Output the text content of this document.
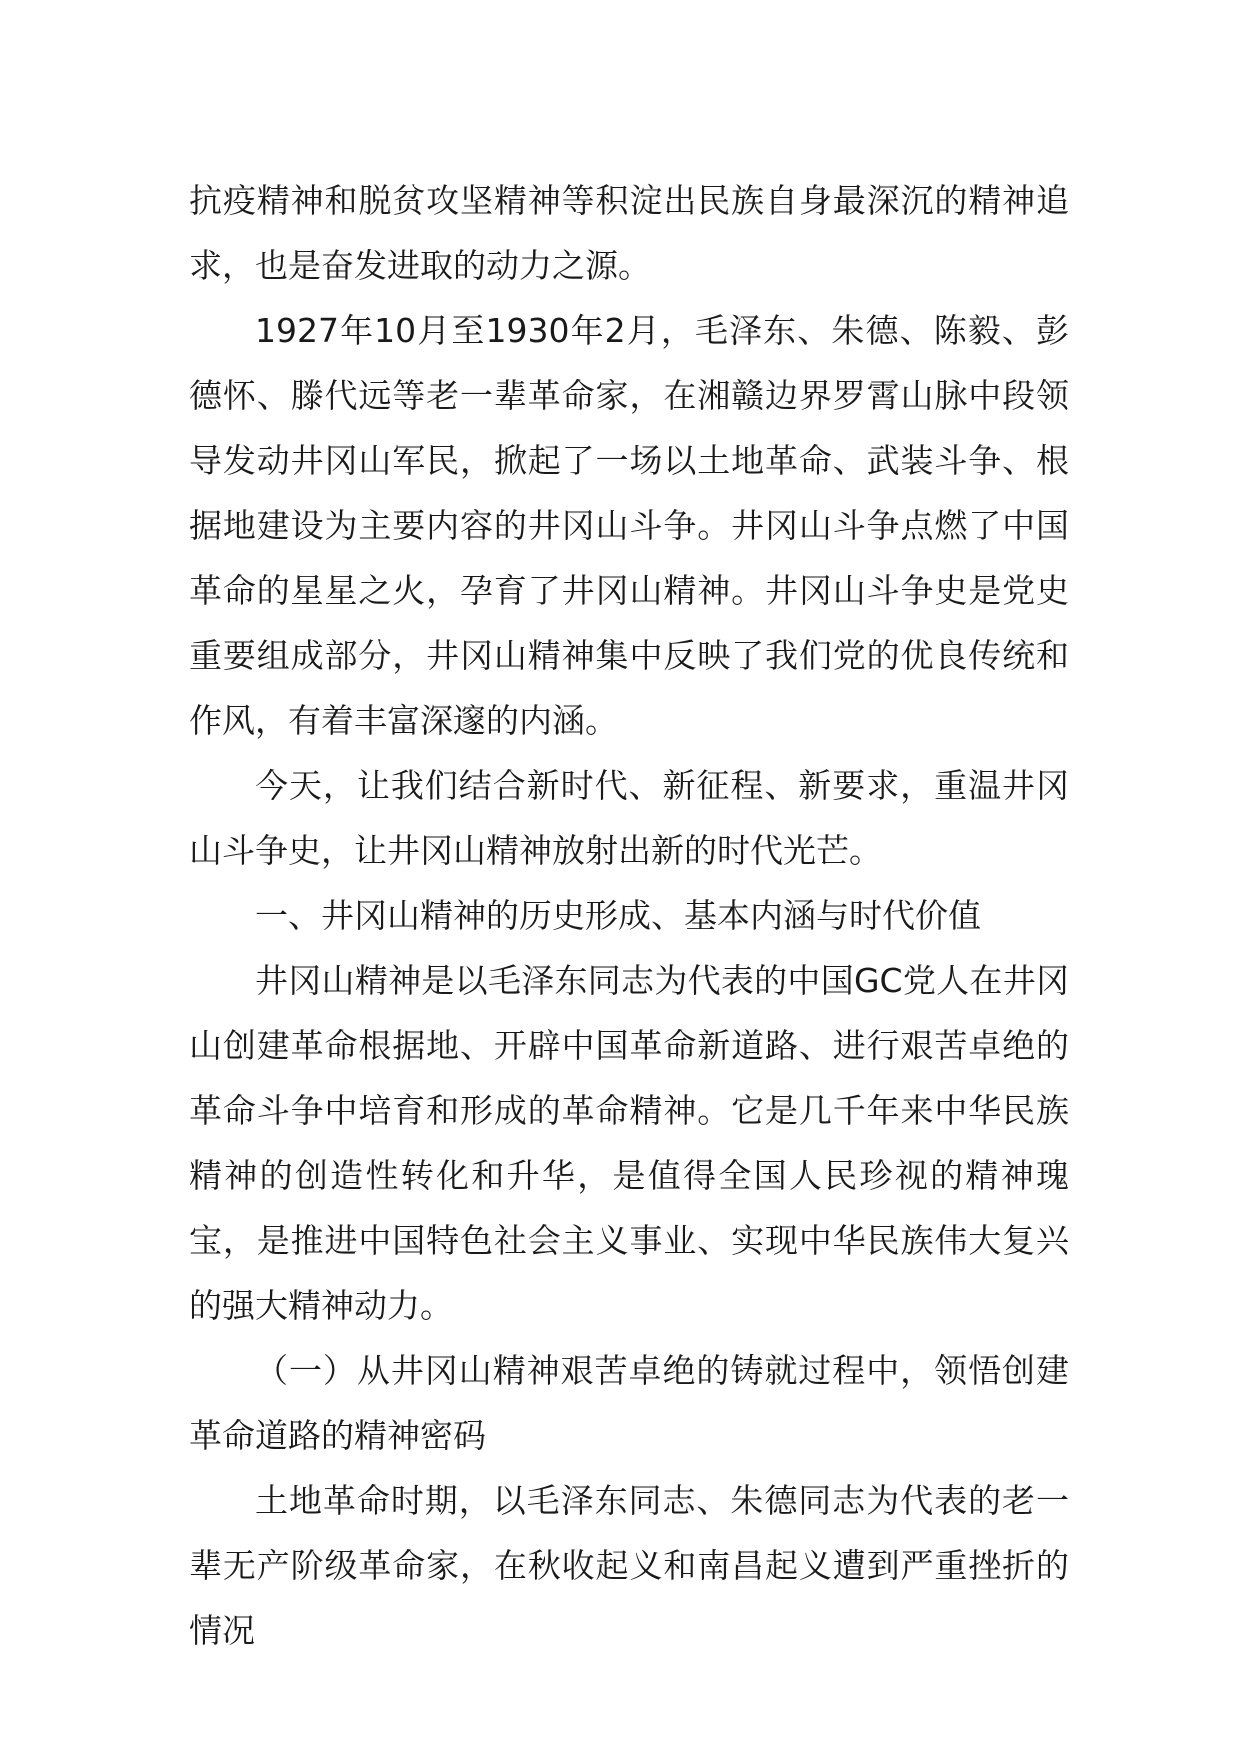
抗疫精神和脱贫攻坚精神等积淀出民族自身最深沉的精神追求，也是奋发进取的动力之源。

1927年10月至1930年2月，毛泽东、朱德、陈毅、彭德怀、滕代远等老一辈革命家，在湘赣边界罗霄山脉中段领导发动井冈山军民，掀起了一场以土地革命、武装斗争、根据地建设为主要内容的井冈山斗争。井冈山斗争点燃了中国革命的星星之火，孕育了井冈山精神。井冈山斗争史是党史重要组成部分，井冈山精神集中反映了我们党的优良传统和作风，有着丰富深邃的内涵。

今天，让我们结合新时代、新征程、新要求，重温井冈山斗争史，让井冈山精神放射出新的时代光芒。

一、井冈山精神的历史形成、基本内涵与时代价值

井冈山精神是以毛泽东同志为代表的中国GC党人在井冈山创建革命根据地、开辟中国革命新道路、进行艰苦卓绝的革命斗争中培育和形成的革命精神。它是几千年来中华民族精神的创造性转化和升华，是值得全国人民珍视的精神瑰宝，是推进中国特色社会主义事业、实现中华民族伟大复兴的强大精神动力。

（一）从井冈山精神艰苦卓绝的铸就过程中，领悟创建革命道路的精神密码

土地革命时期，以毛泽东同志、朱德同志为代表的老一辈无产阶级革命家，在秋收起义和南昌起义遭到严重挫折的情况
